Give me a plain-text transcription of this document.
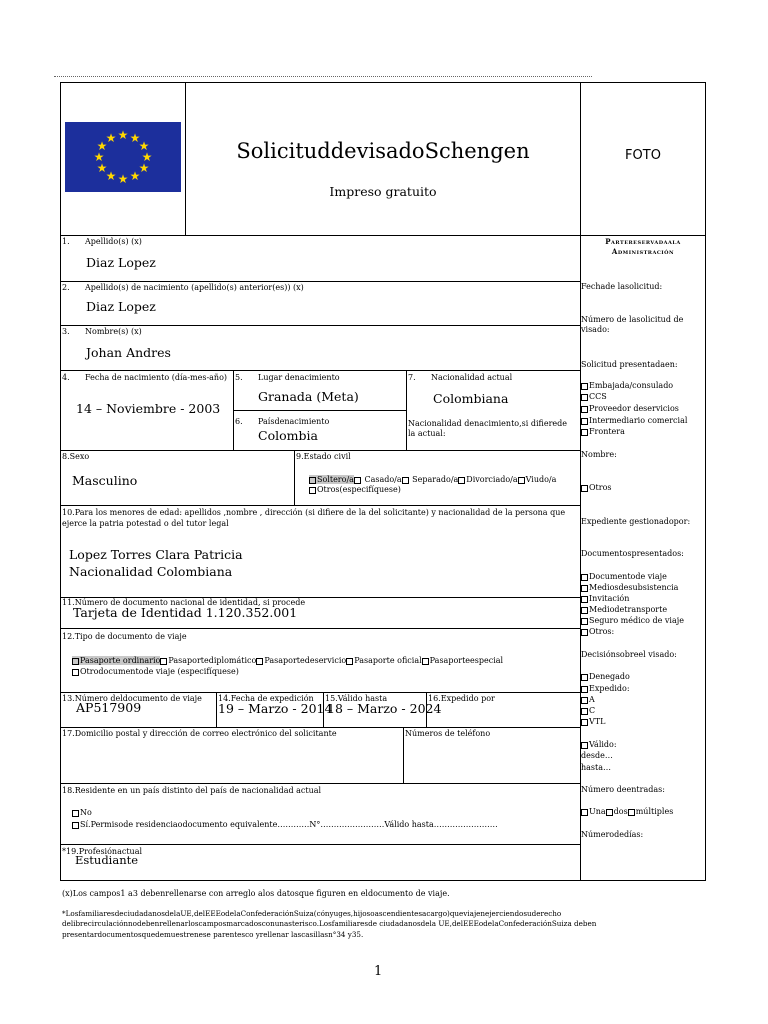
★ ★
★
★
★
★
★
★
★
★
★
★
SolicituddevisadoSchengen
Impreso gratuito
FOTO
1. Apellido(s) (x)
Diaz Lopez
2. Apellido(s) de nacimiento (apellido(s) anterior(es)) (x)
Diaz Lopez
3. Nombre(s) (x)
Johan Andres
4. Fecha de nacimiento (día-mes-año)
14 – Noviembre - 2003
5. Lugar denacimiento
Granada (Meta)
6. Paísdenacimiento
Colombia
7. Nacionalidad actual
Colombiana
Nacionalidad denacimiento,si difierede
la actual:
8.Sexo
Masculino
9.Estado civil
Soltero/a Casado/a Separado/a Divorciado/a Viudo/a
Otros(especifíquese)
10.Para los menores de edad: apellidos ,nombre , dirección (si difiere de la del solicitante) y nacionalidad de la persona que
ejerce la patria potestad o del tutor legal
Lopez Torres Clara Patricia
Nacionalidad Colombiana
11.Número de documento nacional de identidad, si procede
Tarjeta de Identidad 1.120.352.001
12.Tipo de documento de viaje
Pasaporte ordinario Pasaportediplomático Pasaportedeservicio Pasaporte oficial Pasaporteespecial
Otrodocumentode viaje (especifíquese)
13.Número deldocumento de viaje
AP517909
14.Fecha de expedición
19 – Marzo - 2014
15.Válido hasta
18 – Marzo - 2024
16.Expedido por
17.Domicilio postal y dirección de correo electrónico del solicitante	Números de teléfono
18.Residente en un país distinto del país de nacionalidad actual
No
Sí.Permisode residenciaodocumento equivalente…………N°……………………Válido hasta……………………
*19.Profesiónactual
Estudiante
Partereservadaala
Administración
Fechade lasolicitud:
Número de lasolicitud de
visado:
Solicitud presentadaen:
Embajada/consulado
CCS
Proveedor deservicios
Intermediario comercial
Frontera
Nombre:
Otros
Expediente gestionadopor:
Documentospresentados:
Documentode viaje
Mediosdesubsistencia
Invitación
Mediodetransporte
Seguro médico de viaje
Otros:
Decisiónsobreel visado:
Denegado
Expedido:
A
C
VTL
Válido:
desde…
hasta…
Número deentradas:
Una dos múltiples
Númerodedías:
(x)Los campos1 a3 debenrellenarse con arreglo alos datosque figuren en eldocumento de viaje.
*LosfamiliaresdeciudadanosdelaUE,delEEEodelaConfederaciónSuiza(cónyuges,hijosoascendientesacargo)queviajenejerciendosuderecho
delibrecirculaciónnodebenrellenarloscamposmarcadosconunasterisco.Losfamiliaresde ciudadanosdela UE,delEEEodelaConfederaciónSuiza deben
presentardocumentosquedemuestrenese parentesco yrellenar lascasillasn°34 y35.
1
